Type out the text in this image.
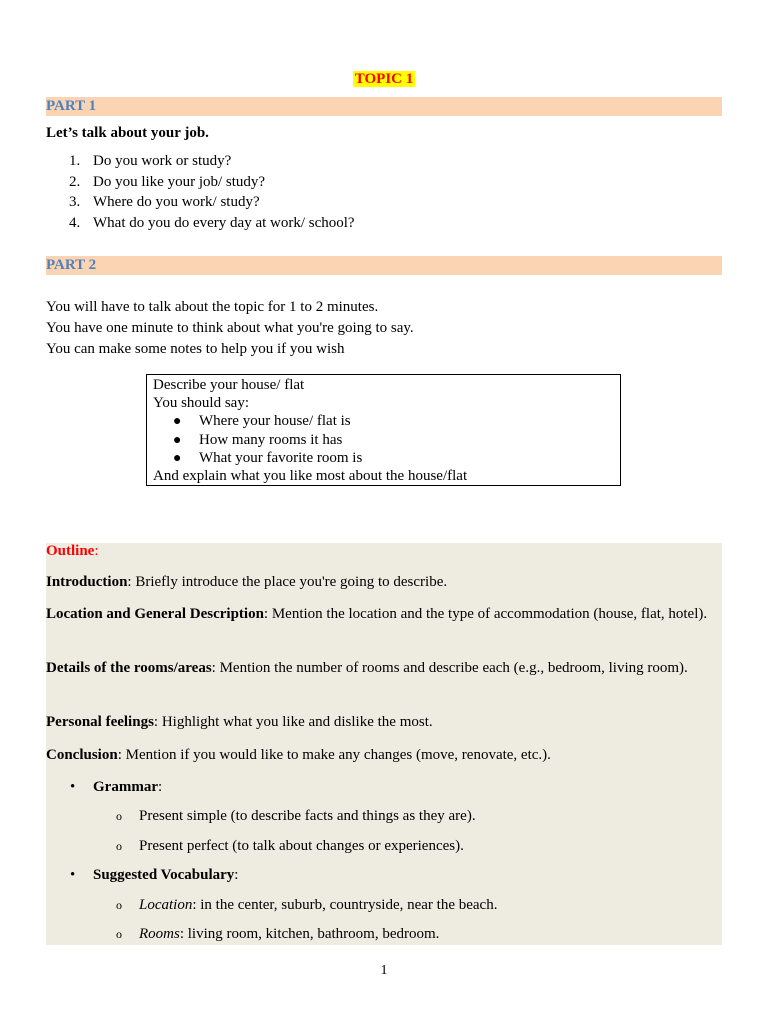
TOPIC 1
PART 1
Let’s talk about your job.
1. Do you work or study?
2. Do you like your job/ study?
3. Where do you work/ study?
4. What do you do every day at work/ school?
PART 2
You will have to talk about the topic for 1 to 2 minutes.
You have one minute to think about what you're going to say.
You can make some notes to help you if you wish
Describe your house/ flat
You should say:
● Where your house/ flat is
● How many rooms it has
● What your favorite room is
And explain what you like most about the house/flat
Outline:
Introduction: Briefly introduce the place you're going to describe.
Location and General Description: Mention the location and the type of accommodation (house, flat, hotel).
Details of the rooms/areas: Mention the number of rooms and describe each (e.g., bedroom, living room).
Personal feelings: Highlight what you like and dislike the most.
Conclusion: Mention if you would like to make any changes (move, renovate, etc.).
• Grammar:
o Present simple (to describe facts and things as they are).
o Present perfect (to talk about changes or experiences).
• Suggested Vocabulary:
o Location: in the center, suburb, countryside, near the beach.
o Rooms: living room, kitchen, bathroom, bedroom.
1
